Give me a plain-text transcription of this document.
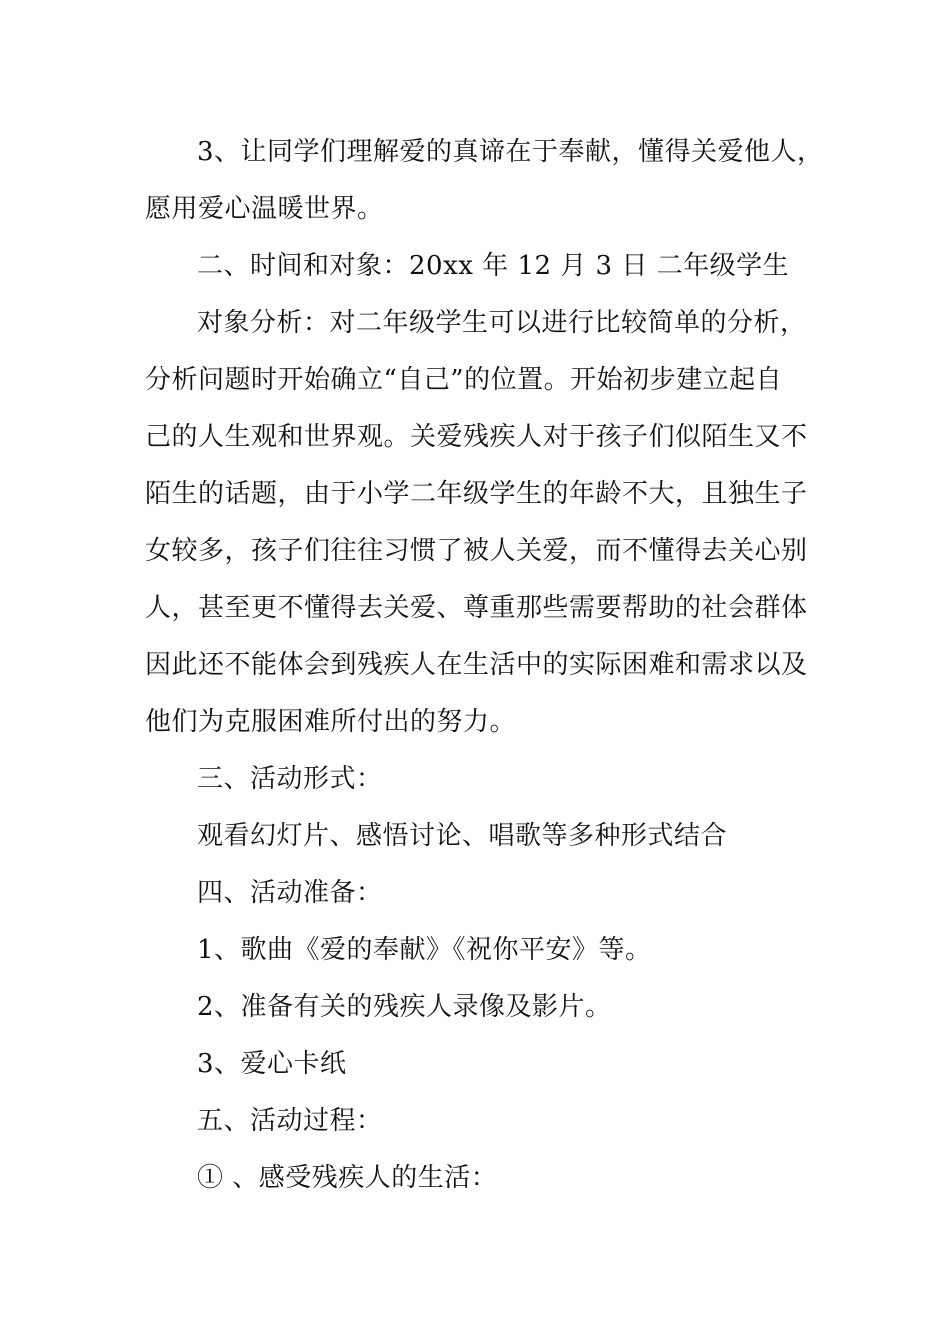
3、让同学们理解爱的真谛在于奉献，懂得关爱他人，
愿用爱心温暖世界。
二、时间和对象：20xx 年 12 月 3 日 二年级学生
对象分析：对二年级学生可以进行比较简单的分析，
分析问题时开始确立“自己”的位置。开始初步建立起自
己的人生观和世界观。关爱残疾人对于孩子们似陌生又不
陌生的话题，由于小学二年级学生的年龄不大，且独生子
女较多，孩子们往往习惯了被人关爱，而不懂得去关心别
人，甚至更不懂得去关爱、尊重那些需要帮助的社会群体
因此还不能体会到残疾人在生活中的实际困难和需求以及
他们为克服困难所付出的努力。
三、活动形式：
观看幻灯片、感悟讨论、唱歌等多种形式结合
四、活动准备：
1、歌曲《爱的奉献》《祝你平安》等。
2、准备有关的残疾人录像及影片。
3、爱心卡纸
五、活动过程：
① 、感受残疾人的生活：
